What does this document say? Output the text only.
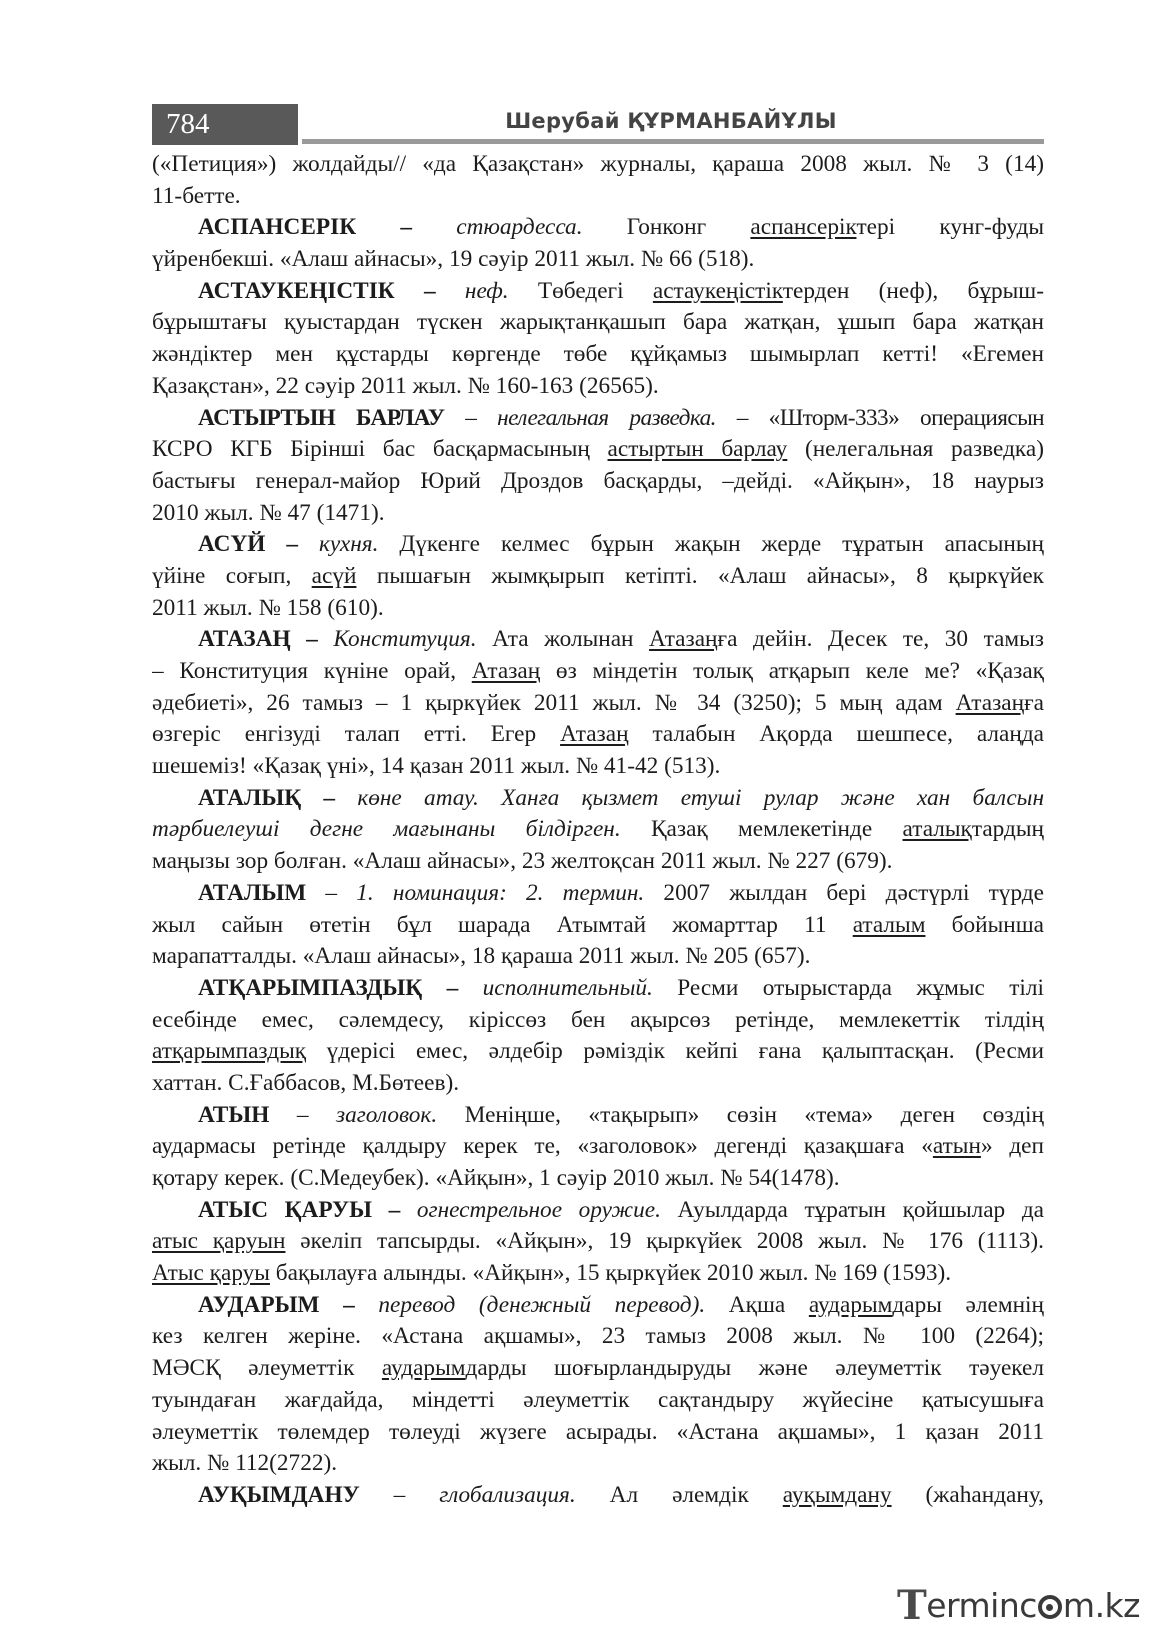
784	Шерубай ҚҰРМАНБАЙҰЛЫ
(«Петиция») жолдайды// «да Қазақстан» журналы, қараша 2008 жыл. № 3 (14)
11-бетте.
АСПАНСЕРІК – стюардесса. Гонконг аспансеріктері кунг-фуды
үйренбекші. «Алаш айнасы», 19 сәуір 2011 жыл. № 66 (518).
АСТАУКЕҢІСТІК – неф. Төбедегі астаукеңістіктерден (неф), бұрыш-
бұрыштағы қуыстардан түскен жарықтанқашып бара жатқан, ұшып бара жатқан
жәндіктер мен құстарды көргенде төбе құйқамыз шымырлап кетті! «Егемен
Қазақстан», 22 сәуір 2011 жыл. № 160-163 (26565).
АСТЫРТЫН БАРЛАУ – нелегальная разведка. – «Шторм-333» операциясын
КСРО КГБ Бірінші бас басқармасының астыртын барлау (нелегальная разведка)
бастығы генерал-майор Юрий Дроздов басқарды, –дейді. «Айқын», 18 наурыз
2010 жыл. № 47 (1471).
АСҮЙ – кухня. Дүкенге келмес бұрын жақын жерде тұратын апасының
үйіне соғып, асүй пышағын жымқырып кетіпті. «Алаш айнасы», 8 қыркүйек
2011 жыл. № 158 (610).
АТАЗАҢ – Конституция. Ата жолынан Атазаңға дейін. Десек те, 30 тамыз
– Конституция күніне орай, Атазаң өз міндетін толық атқарып келе ме? «Қазақ
әдебиеті», 26 тамыз – 1 қыркүйек 2011 жыл. № 34 (3250); 5 мың адам Атазаңға
өзгеріс енгізуді талап етті. Егер Атазаң талабын Ақорда шешпесе, алаңда
шешеміз! «Қазақ үні», 14 қазан 2011 жыл. № 41-42 (513).
АТАЛЫҚ – көне атау. Ханға қызмет етуші рулар және хан балсын
тәрбиелеуші дегне мағынаны білдірген. Қазақ мемлекетінде аталықтардың
маңызы зор болған. «Алаш айнасы», 23 желтоқсан 2011 жыл. № 227 (679).
АТАЛЫМ – 1. номинация: 2. термин. 2007 жылдан бері дәстүрлі түрде
жыл сайын өтетін бұл шарада Атымтай жомарттар 11 аталым бойынша
марапатталды. «Алаш айнасы», 18 қараша 2011 жыл. № 205 (657).
АТҚАРЫМПАЗДЫҚ – исполнительный. Ресми отырыстарда жұмыс тілі
есебінде емес, сәлемдесу, кіріссөз бен ақырсөз ретінде, мемлекеттік тілдің
атқарымпаздық үдерісі емес, әлдебір рәміздік кейпі ғана қалыптасқан. (Ресми
хаттан. С.Ғаббасов, М.Бөтеев).
АТЫН – заголовок. Меніңше, «тақырып» сөзін «тема» деген сөздің
аудармасы ретінде қалдыру керек те, «заголовок» дегенді қазақшаға «атын» деп
қотару керек. (С.Медеубек). «Айқын», 1 сәуір 2010 жыл. № 54(1478).
АТЫС ҚАРУЫ – огнестрельное оружие. Ауылдарда тұратын қойшылар да
атыс қаруын әкеліп тапсырды. «Айқын», 19 қыркүйек 2008 жыл. № 176 (1113).
Атыс қаруы бақылауға алынды. «Айқын», 15 қыркүйек 2010 жыл. № 169 (1593).
АУДАРЫМ – перевод (денежный перевод). Ақша аударымдары әлемнің
кез келген жеріне. «Астана ақшамы», 23 тамыз 2008 жыл. № 100 (2264);
МӘСҚ әлеуметтік аударымдарды шоғырландыруды және әлеуметтік тәуекел
туындаған жағдайда, міндетті әлеуметтік сақтандыру жүйесіне қатысушыға
әлеуметтік төлемдер төлеуді жүзеге асырады. «Астана ақшамы», 1 қазан 2011
жыл. № 112(2722).
АУҚЫМДАНУ – глобализация. Ал әлемдік ауқымдану (жаһандану,
T erminc m.kz
